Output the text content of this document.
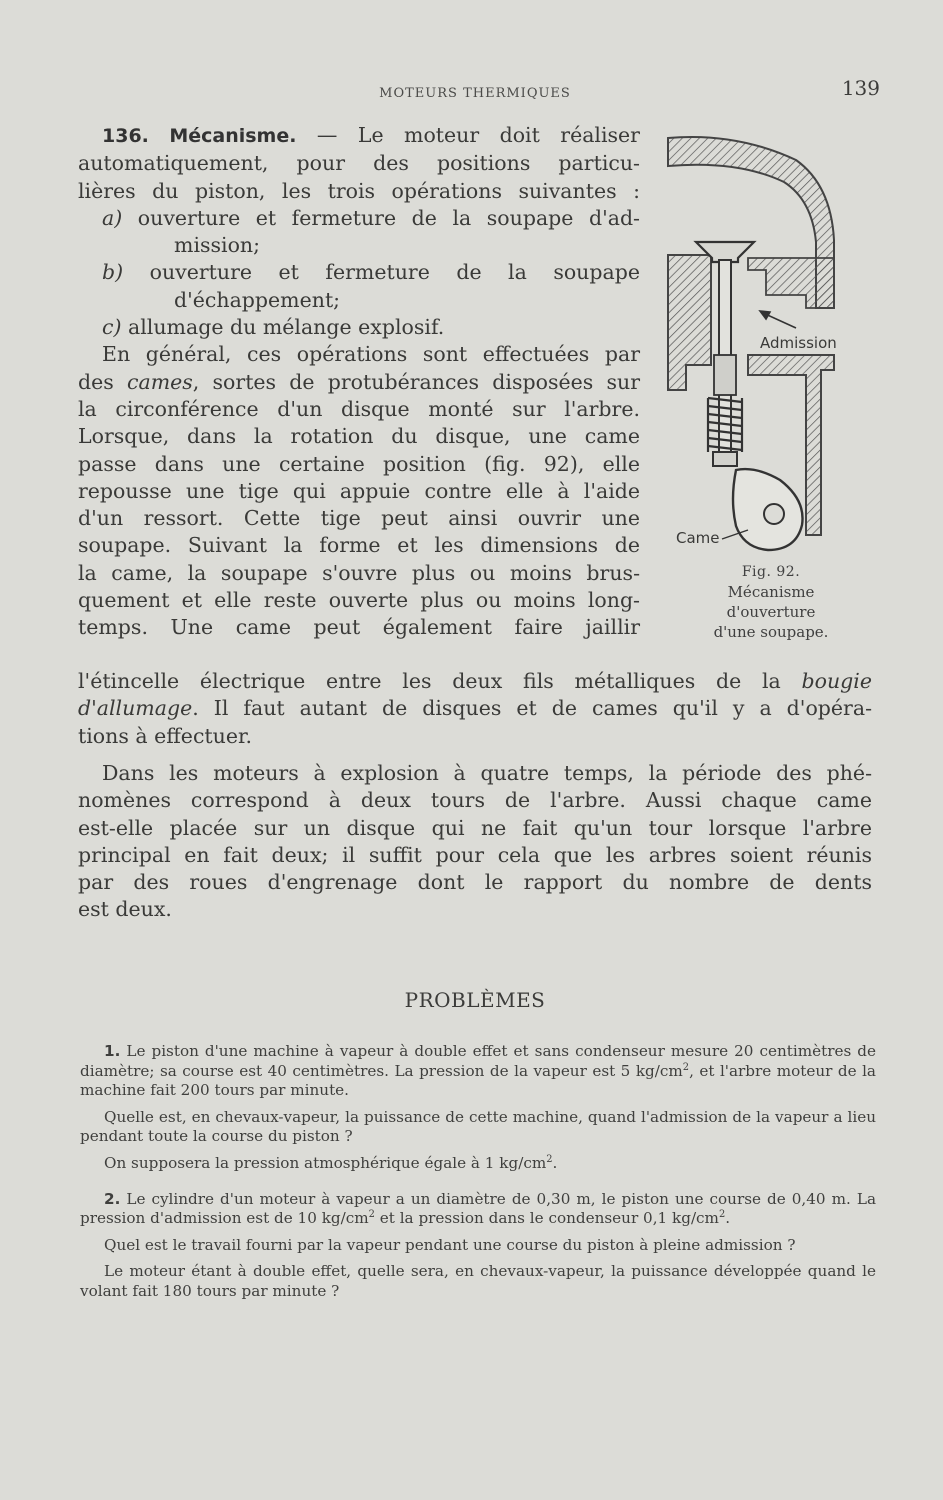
MOTEURS THERMIQUES	139

136. Mécanisme. — Le moteur doit réaliser

automatiquement, pour des positions particu-

lières du piston, les trois opérations suivantes :

a) ouverture et fermeture de la soupape d'ad-

mission;

b) ouverture et fermeture de la soupape

d'échappement;

c) allumage du mélange explosif.

En général, ces opérations sont effectuées par

des cames, sortes de protubérances disposées sur

la circonférence d'un disque monté sur l'arbre.

Lorsque, dans la rotation du disque, une came

passe dans une certaine position (fig. 92), elle

repousse une tige qui appuie contre elle à l'aide

d'un ressort. Cette tige peut ainsi ouvrir une

soupape. Suivant la forme et les dimensions de

la came, la soupape s'ouvre plus ou moins brus-

quement et elle reste ouverte plus ou moins long-

temps. Une came peut également faire jaillir

l'étincelle électrique entre les deux fils métalliques de la bougie

d'allumage. Il faut autant de disques et de cames qu'il y a d'opéra-

tions à effectuer.

Dans les moteurs à explosion à quatre temps, la période des phé-

nomènes correspond à deux tours de l'arbre. Aussi chaque came

est-elle placée sur un disque qui ne fait qu'un tour lorsque l'arbre

principal en fait deux; il suffit pour cela que les arbres soient réunis

par des roues d'engrenage dont le rapport du nombre de dents

est deux.

Admission
Came
Fig. 92.
Mécanisme
d'ouverture
d'une soupape.
PROBLÈMES

1. Le piston d'une machine à vapeur à double effet et sans condenseur mesure 20 centimètres de diamètre; sa course est 40 centimètres. La pression de la vapeur est 5 $kg/cm^2$, et l'arbre moteur de la machine fait 200 tours par minute.

Quelle est, en chevaux-vapeur, la puissance de cette machine, quand l'admission de la vapeur a lieu pendant toute la course du piston ?

On supposera la pression atmosphérique égale à 1 $kg/cm^2$.

2. Le cylindre d'un moteur à vapeur a un diamètre de 0,30 m, le piston une course de 0,40 m. La pression d'admission est de 10 $kg/cm^2$ et la pression dans le condenseur 0,1 $kg/cm^2$.

Quel est le travail fourni par la vapeur pendant une course du piston à pleine admission ?

Le moteur étant à double effet, quelle sera, en chevaux-vapeur, la puissance développée quand le volant fait 180 tours par minute ?
